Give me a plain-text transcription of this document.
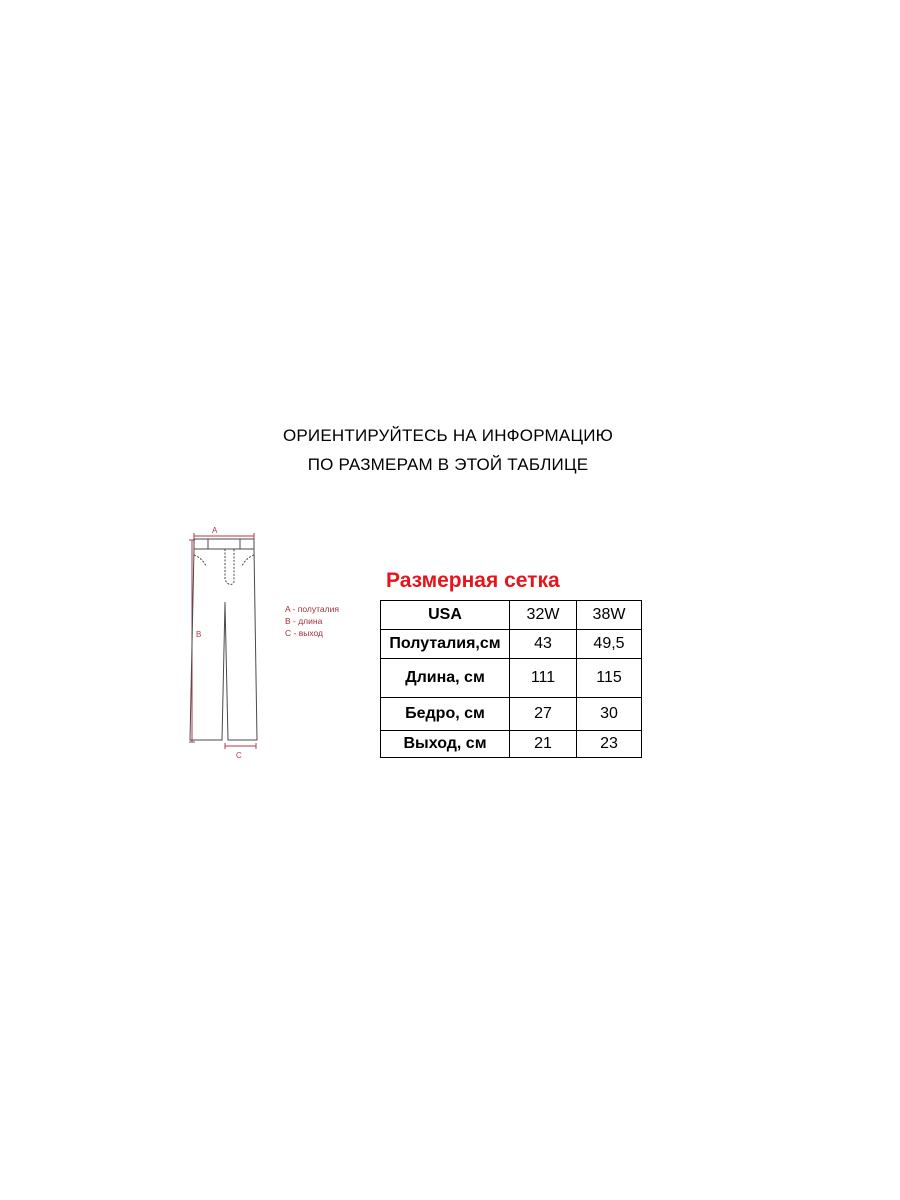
ОРИЕНТИРУЙТЕСЬ НА ИНФОРМАЦИЮ
ПО РАЗМЕРАМ В ЭТОЙ ТАБЛИЦЕ
A
B
C
A - полуталия
B - длина
C - выход
Размерная сетка
USA	32W	38W
Полуталия,см	43	49,5
Длина, см	111	115
Бедро, см	27	30
Выход, см	21	23
